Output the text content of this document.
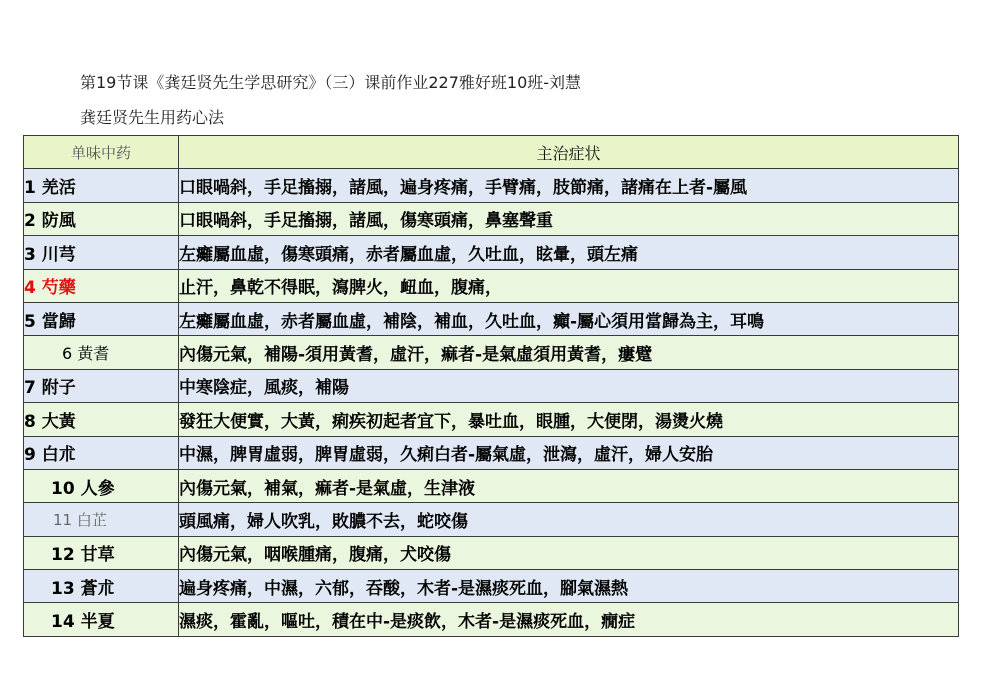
第19节课《龚廷贤先生学思研究》（三）课前作业227雅好班10班-刘慧
龚廷贤先生用药心法
单味中药	主治症状
1 羌活	口眼喎斜，手足搐搦，諸風，遍身疼痛，手臂痛，肢節痛，諸痛在上者-屬風
2 防風	口眼喎斜，手足搐搦，諸風，傷寒頭痛，鼻塞聲重
3 川芎	左癱屬血虛，傷寒頭痛，赤者屬血虛，久吐血，眩暈，頭左痛
4 芍藥	止汗，鼻乾不得眠，瀉脾火，衄血，腹痛，
5 當歸	左癱屬血虛，赤者屬血虛，補陰，補血，久吐血，癲-屬心須用當歸為主，耳鳴
6 黃耆	內傷元氣，補陽-須用黃耆，虛汗，痲者-是氣虛須用黃耆，瘻躄
7 附子	中寒陰症，風痰，補陽
8 大黃	發狂大便實，大黃，痢疾初起者宜下，暴吐血，眼腫，大便閉，湯燙火燒
9 白朮	中濕，脾胃虛弱，脾胃虛弱，久痢白者-屬氣虛，泄瀉，虛汗，婦人安胎
10 人參	內傷元氣，補氣，痲者-是氣虛，生津液
11 白芷	頭風痛，婦人吹乳，敗膿不去，蛇咬傷
12 甘草	內傷元氣，咽喉腫痛，腹痛，犬咬傷
13 蒼朮	遍身疼痛，中濕，六郁，吞酸，木者-是濕痰死血，腳氣濕熱
14 半夏	濕痰，霍亂，嘔吐，積在中-是痰飲，木者-是濕痰死血，癇症
